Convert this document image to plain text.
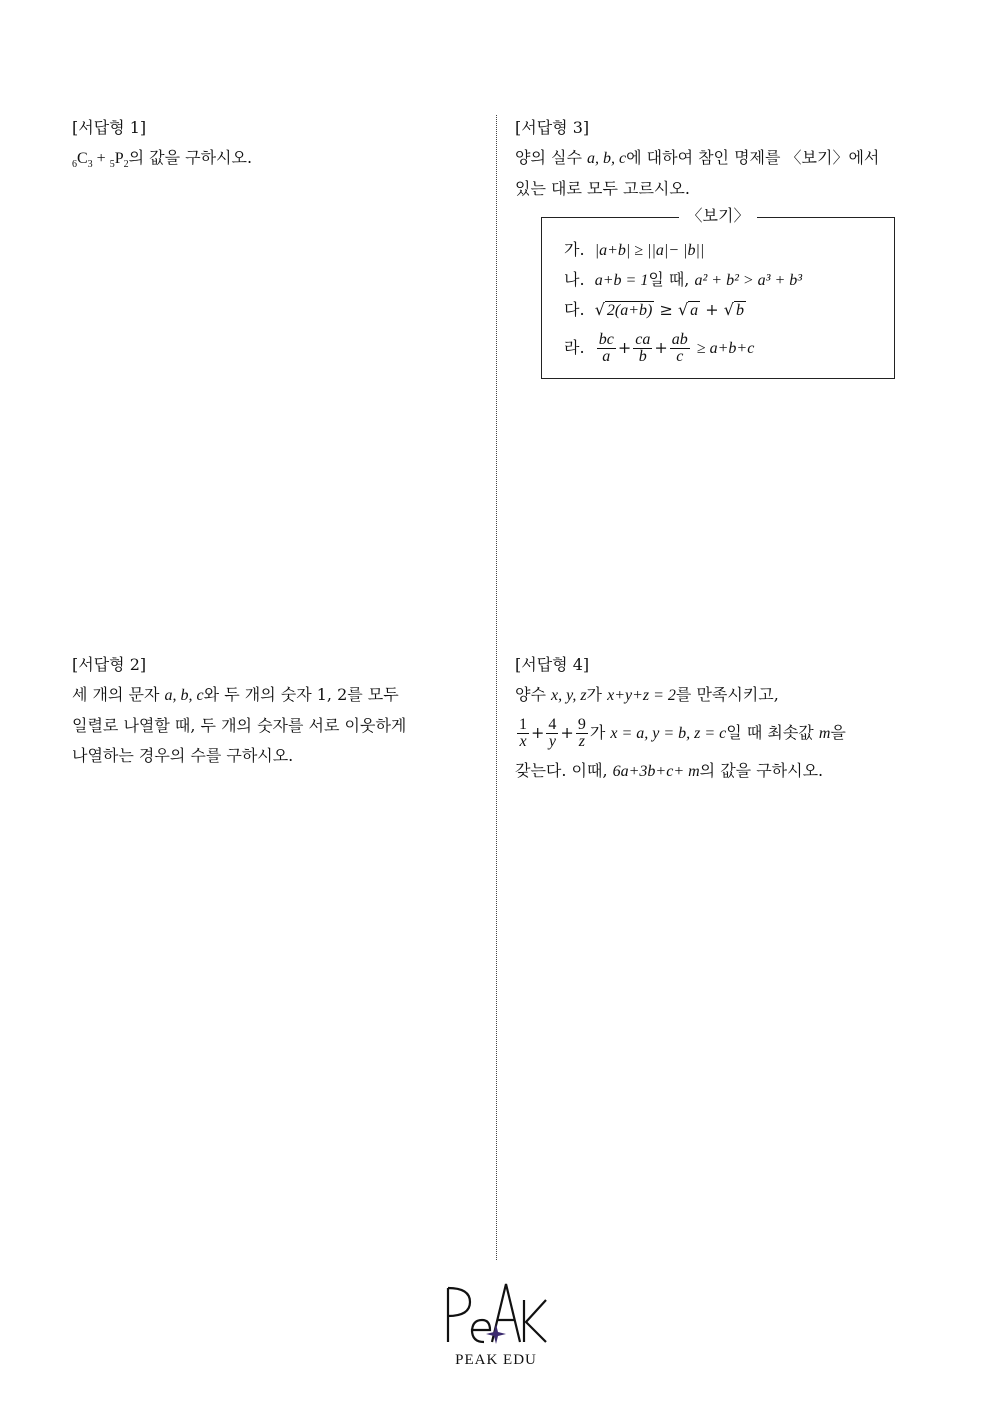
[서답형 1]
$_6C_3 + _5P_2$의 값을 구하시오.
[서답형 2]
세 개의 문자 a, b, c와 두 개의 숫자 1, 2를 모두
일렬로 나열할 때, 두 개의 숫자를 서로 이웃하게
나열하는 경우의 수를 구하시오.
[서답형 3]
양의 실수 a, b, c에 대하여 참인 명제를 〈보기〉에서
있는 대로 모두 고르시오.
〈보기〉
가. |a+b| ≥ ||a|− |b||
나. a+b = 1일 때, a² + b² > a³ + b³
다. √ 2(a+b) ≥ √ a + √ b
라. $\frac{bc}{a} + \frac{ca}{b} + \frac{ab}{c} \ge a+b+c$
[서답형 4]
양수 x, y, z가 x+y+z = 2를 만족시키고,
$\frac{1}{x} + \frac{4}{y} + \frac{9}{z}$ 가 x = a, y = b, z = c일 때 최솟값 m을
갖는다. 이때, 6a+3b+c+ m의 값을 구하시오.
PEAK EDU
